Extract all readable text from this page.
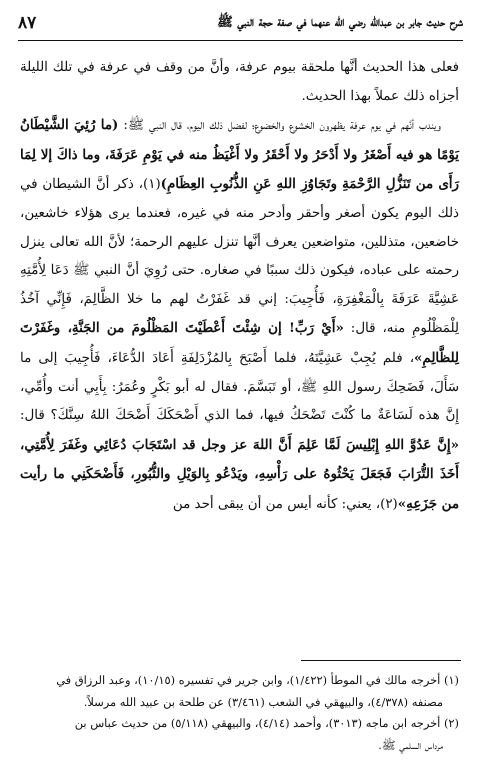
شرح حديث جابر بن عبدالله رضي الله عنهما في صفة حجة النبي ﷺ
٨٧

فعلى هذا الحديث أنَّها ملحقة بيوم عرفة، وأنَّ من وقف في عرفة في تلك الليلة أجزاه ذلك عملاً بهذا الحديث.

ويندب أنَّهم في يوم عرفة يظهرون الخشوع والخضوع؛ لفضل ذلك اليوم، قال النبي ﷺ: (ما رُئِيَ الشَّيْطَانُ يَوْمًا هو فيه أَصْغَرُ ولا أَدْحَرُ ولا أَحْقَرُ ولا أَغْيَظُ منه في يَوْمِ عَرَفَةَ، وما ذاكَ إلا لِمَا رَأَى من تَنَزُّلِ الرَّحْمَةِ وتَجَاوُزِ اللهِ عَنِ الذُّنُوبِ العِظَامِ)(١)، ذكر أنَّ الشيطان في ذلك اليوم يكون أصغر وأحقر وأدحر منه في غيره، فعندما يرى هؤلاء خاشعين، خاضعين، متذللين، متواضعين يعرف أنَّها تنزل عليهم الرحمة؛ لأنَّ الله تعالى ينزل رحمته على عباده، فيكون ذلك سببًا في صغاره. حتى رُوِيَ أنَّ النبي ﷺ دَعَا لِأُمَّتِهِ عَشِيَّةَ عَرَفَةَ بِالْمَغْفِرَةِ، فَأُجِيبَ: إني قد غَفَرْتُ لهم ما خلا الظَّالِمَ، فَإِنِّي آخُذُ لِلْمَظْلُومِ منه، قال: «أَيْ رَبِّ! إن شِئْتَ أَعْطَيْتَ المَظْلُومَ من الجَنَّةِ، وغَفَرْتَ لِلظَّالِمِ»، فلم يُجِبْ عَشِيَّتَهُ، فلما أَصْبَحَ بِالمُزْدَلِفَةِ أَعَادَ الدُّعَاءَ، فَأُجِيبَ إلى ما سَأَلَ، فَضَحِكَ رسول اللهِ ﷺ، أو تَبَسَّمَ. فقال له أبو بَكْرٍ وعُمَرُ: بِأَبِي أنت وأُمِّي، إِنَّ هذه لَسَاعَةٌ ما كُنْتَ تَضْحَكُ فيها، فما الذي أَضْحَكَكَ أَضْحَكَ اللهُ سِنَّكَ؟ قال: «إِنَّ عَدُوَّ اللهِ إِبْلِيسَ لَمَّا عَلِمَ أَنَّ اللهَ عز وجل قد اسْتَجَابَ دُعَائِي وغَفَرَ لِأُمَّتِي، أَخَذَ التُّرَابَ فَجَعَلَ يَحْثُوهُ على رَأْسِهِ، ويَدْعُو بِالوَيْلِ والثُّبُورِ، فَأَضْحَكَنِي ما رأيت من جَزَعِهِ»(٢)، يعني: كأنه أيس من أن يبقى أحد من

(١) أخرجه مالك في الموطأ (١/٤٢٢)، وابن جرير في تفسيره (١٠/١٥)، وعبد الرزاق في

مصنفه (٤/٣٧٨)، والبيهقي في الشعب (٣/٤٦١) عن طلحة بن عبيد الله مرسلاً.

(٢) أخرجه ابن ماجه (٣٠١٣)، وأحمد (٤/١٤)، والبيهقي (٥/١١٨) من حديث عباس بن

مرداس السلمي ﷺ.
